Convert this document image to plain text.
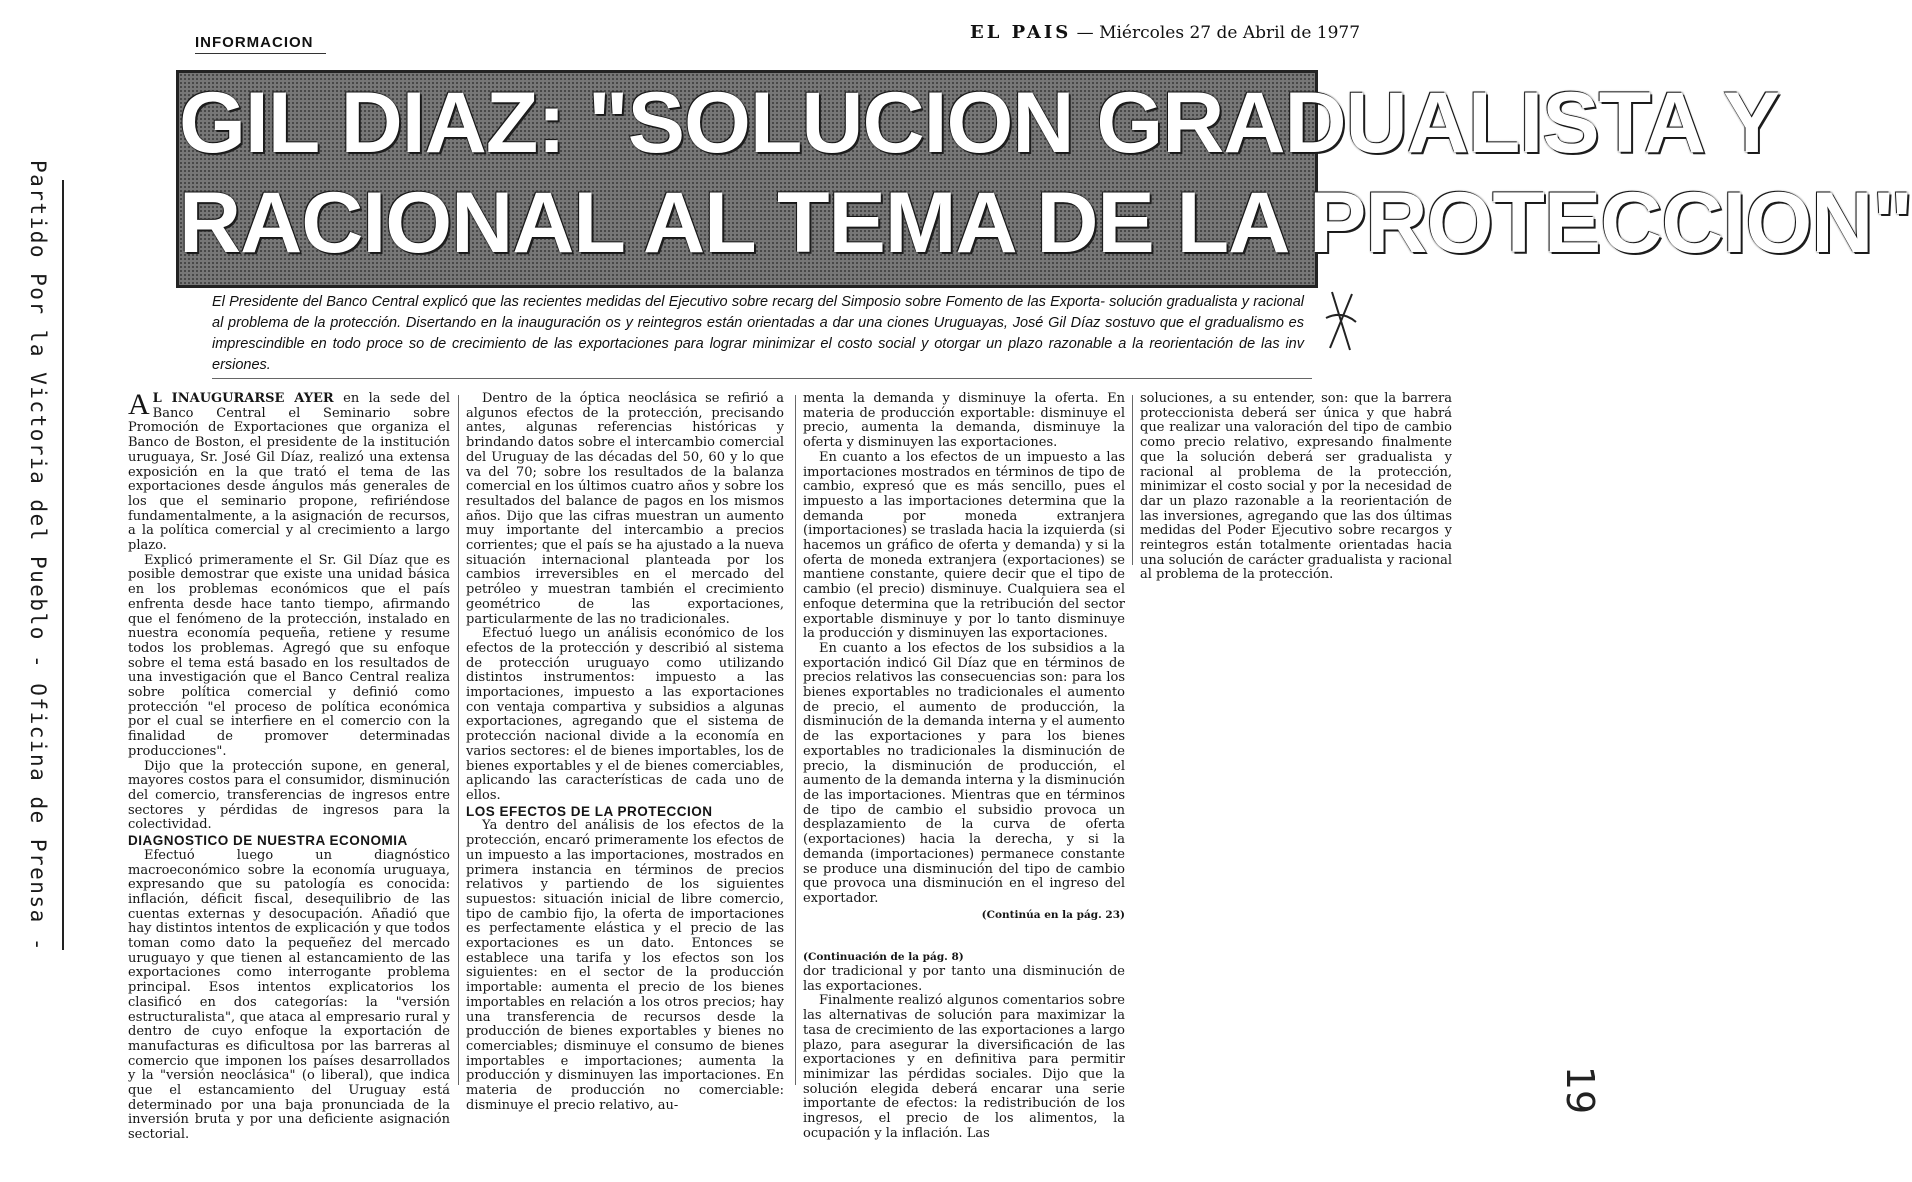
Partido Por la Victoria del Pueblo - Oficina de Prensa -
19
INFORMACION	EL PAIS — Miércoles 27 de Abril de 1977
GIL DIAZ: "SOLUCION GRADUALISTA Y
RACIONAL AL TEMA DE LA PROTECCION"
El Presidente del Banco Central explicó que las recientes medidas del Ejecutivo sobre recarg del Simposio sobre Fomento de las Exporta- solución gradualista y racional al problema de la protección. Disertando en la inauguración os y reintegros están orientadas a dar una ciones Uruguayas, José Gil Díaz sostuvo que el gradualismo es imprescindible en todo proce so de crecimiento de las exportaciones para lograr minimizar el costo social y otorgar un plazo razonable a la reorientación de las inv ersiones.

A L INAUGURARSE AYER en la sede del Banco Central el Seminario sobre Promoción de Exportaciones que organiza el Banco de Boston, el presidente de la institución uruguaya, Sr. José Gil Díaz, realizó una extensa exposición en la que trató el tema de las exportaciones desde ángulos más generales de los que el seminario propone, refiriéndose fundamentalmente, a la asignación de recursos, a la política comercial y al crecimiento a largo plazo.

Explicó primeramente el Sr. Gil Díaz que es posible demostrar que existe una unidad básica en los problemas económicos que el país enfrenta desde hace tanto tiempo, afirmando que el fenómeno de la protección, instalado en nuestra economía pequeña, retiene y resume todos los problemas. Agregó que su enfoque sobre el tema está basado en los resultados de una investigación que el Banco Central realiza sobre política comercial y definió como protección "el proceso de política económica por el cual se interfiere en el comercio con la finalidad de promover determinadas producciones".

Dijo que la protección supone, en general, mayores costos para el consumidor, disminución del comercio, transferencias de ingresos entre sectores y pérdidas de ingresos para la colectividad.

DIAGNOSTICO DE NUESTRA ECONOMIA

Efectuó luego un diagnóstico macroeconómico sobre la economía uruguaya, expresando que su patología es conocida: inflación, déficit fiscal, desequilibrio de las cuentas externas y desocupación. Añadió que hay distintos intentos de explicación y que todos toman como dato la pequeñez del mercado uruguayo y que tienen al estancamiento de las exportaciones como interrogante problema principal. Esos intentos explicatorios los clasificó en dos categorías: la "versión estructuralista", que ataca al empresario rural y dentro de cuyo enfoque la exportación de manufacturas es dificultosa por las barreras al comercio que imponen los países desarrollados y la "versión neoclásica" (o liberal), que indica que el estancamiento del Uruguay está determinado por una baja pronunciada de la inversión bruta y por una deficiente asignación sectorial.

Dentro de la óptica neoclásica se refirió a algunos efectos de la protección, precisando antes, algunas referencias históricas y brindando datos sobre el intercambio comercial del Uruguay de las décadas del 50, 60 y lo que va del 70; sobre los resultados de la balanza comercial en los últimos cuatro años y sobre los resultados del balance de pagos en los mismos años. Dijo que las cifras muestran un aumento muy importante del intercambio a precios corrientes; que el país se ha ajustado a la nueva situación internacional planteada por los cambios irreversibles en el mercado del petróleo y muestran también el crecimiento geométrico de las exportaciones, particularmente de las no tradicionales.

Efectuó luego un análisis económico de los efectos de la protección y describió al sistema de protección uruguayo como utilizando distintos instrumentos: impuesto a las importaciones, impuesto a las exportaciones con ventaja compartiva y subsidios a algunas exportaciones, agregando que el sistema de protección nacional divide a la economía en varios sectores: el de bienes importables, los de bienes exportables y el de bienes comerciables, aplicando las características de cada uno de ellos.

LOS EFECTOS DE LA PROTECCION

Ya dentro del análisis de los efectos de la protección, encaró primeramente los efectos de un impuesto a las importaciones, mostrados en primera instancia en términos de precios relativos y partiendo de los siguientes supuestos: situación inicial de libre comercio, tipo de cambio fijo, la oferta de importaciones es perfectamente elástica y el precio de las exportaciones es un dato. Entonces se establece una tarifa y los efectos son los siguientes: en el sector de la producción importable: aumenta el precio de los bienes importables en relación a los otros precios; hay una transferencia de recursos desde la producción de bienes exportables y bienes no comerciables; disminuye el consumo de bienes importables e importaciones; aumenta la producción y disminuyen las importaciones. En materia de producción no comerciable: disminuye el precio relativo, au-

menta la demanda y disminuye la oferta. En materia de producción exportable: disminuye el precio, aumenta la demanda, disminuye la oferta y disminuyen las exportaciones.

En cuanto a los efectos de un impuesto a las importaciones mostrados en términos de tipo de cambio, expresó que es más sencillo, pues el impuesto a las importaciones determina que la demanda por moneda extranjera (importaciones) se traslada hacia la izquierda (si hacemos un gráfico de oferta y demanda) y si la oferta de moneda extranjera (exportaciones) se mantiene constante, quiere decir que el tipo de cambio (el precio) disminuye. Cualquiera sea el enfoque determina que la retribución del sector exportable disminuye y por lo tanto disminuye la producción y disminuyen las exportaciones.

En cuanto a los efectos de los subsidios a la exportación indicó Gil Díaz que en términos de precios relativos las consecuencias son: para los bienes exportables no tradicionales el aumento de precio, el aumento de producción, la disminución de la demanda interna y el aumento de las exportaciones y para los bienes exportables no tradicionales la disminución de precio, la disminución de producción, el aumento de la demanda interna y la disminución de las importaciones. Mientras que en términos de tipo de cambio el subsidio provoca un desplazamiento de la curva de oferta (exportaciones) hacia la derecha, y si la demanda (importaciones) permanece constante se produce una disminución del tipo de cambio que provoca una disminución en el ingreso del exportador.

(Continúa en la pág. 23)

(Continuación de la pág. 8)

dor tradicional y por tanto una disminución de las exportaciones.

Finalmente realizó algunos comentarios sobre las alternativas de solución para maximizar la tasa de crecimiento de las exportaciones a largo plazo, para asegurar la diversificación de las exportaciones y en definitiva para permitir minimizar las pérdidas sociales. Dijo que la solución elegida deberá encarar una serie importante de efectos: la redistribución de los ingresos, el precio de los alimentos, la ocupación y la inflación. Las

soluciones, a su entender, son: que la barrera proteccionista deberá ser única y que habrá que realizar una valoración del tipo de cambio como precio relativo, expresando finalmente que la solución deberá ser gradualista y racional al problema de la protección, minimizar el costo social y por la necesidad de dar un plazo razonable a la reorientación de las inversiones, agregando que las dos últimas medidas del Poder Ejecutivo sobre recargos y reintegros están totalmente orientadas hacia una solución de carácter gradualista y racional al problema de la protección.
